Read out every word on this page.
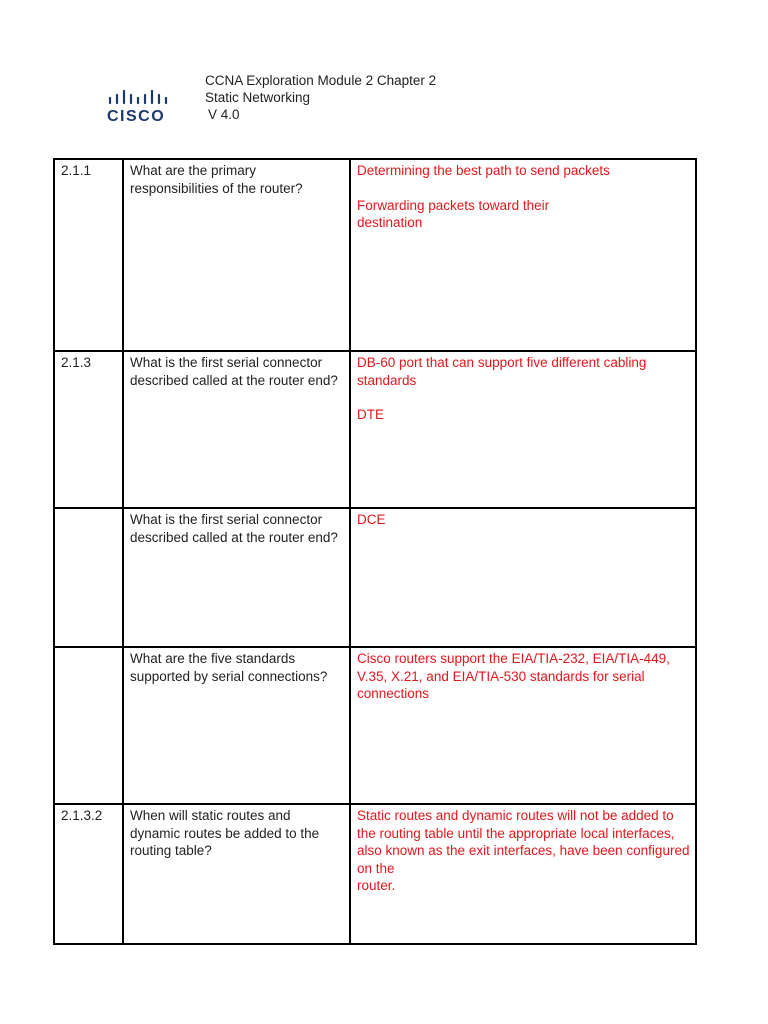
CISCO
CCNA Exploration Module 2 Chapter 2
Static Networking
V 4.0
2.1.1	What are the primary responsibilities of the router?	Determining the best path to send packets

Forwarding packets toward their
destination

2.1.3	What is the first serial connector described called at the router end?	DB-60 port that can support five different cabling standards

DTE

	What is the first serial connector described called at the router end?	DCE

	What are the five standards supported by serial connections?	Cisco routers support the EIA/TIA-232, EIA/TIA-449, V.35, X.21, and EIA/TIA-530 standards for serial connections

2.1.3.2	When will static routes and dynamic routes be added to the routing table?	Static routes and dynamic routes will not be added to the routing table until the appropriate local interfaces, also known as the exit interfaces, have been configured on the
router.
